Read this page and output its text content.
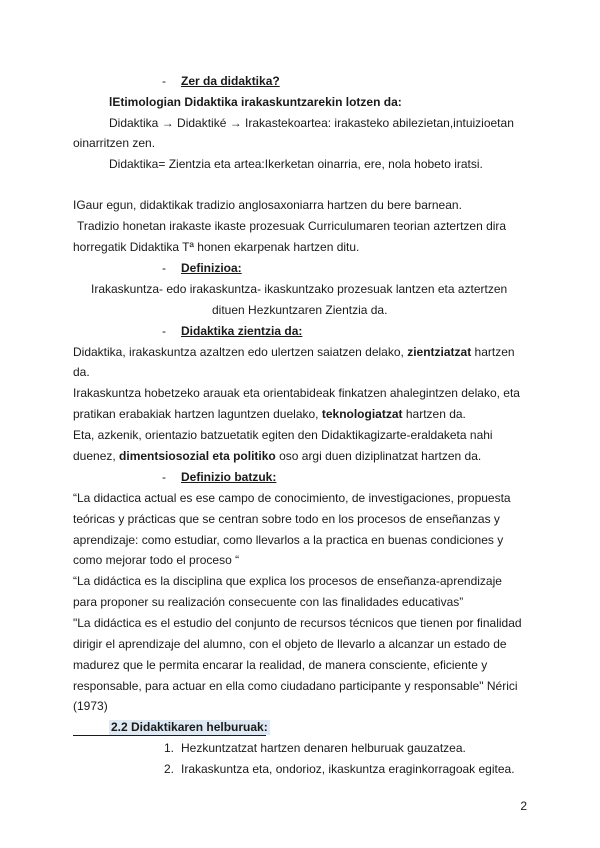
- Zer da didaktika?
lEtimologian Didaktika irakaskuntzarekin lotzen da:
Didaktika → Didaktiké → Irakastekoartea: irakasteko abilezietan,intuizioetan
oinarritzen zen.
Didaktika= Zientzia eta artea:Ikerketan oinarria, ere, nola hobeto iratsi.
IGaur egun, didaktikak tradizio anglosaxoniarra hartzen du bere barnean.
Tradizio honetan irakaste ikaste prozesuak Curriculumaren teorian aztertzen dira
horregatik Didaktika Tª honen ekarpenak hartzen ditu.
- Definizioa:
Irakaskuntza- edo irakaskuntza- ikaskuntzako prozesuak lantzen eta aztertzen
dituen Hezkuntzaren Zientzia da.
- Didaktika zientzia da:
Didaktika, irakaskuntza azaltzen edo ulertzen saiatzen delako, zientziatzat hartzen
da.
Irakaskuntza hobetzeko arauak eta orientabideak finkatzen ahalegintzen delako, eta
pratikan erabakiak hartzen laguntzen duelako, teknologiatzat hartzen da.
Eta, azkenik, orientazio batzuetatik egiten den Didaktikagizarte-eraldaketa nahi
duenez, dimentsiosozial eta politiko oso argi duen diziplinatzat hartzen da.
- Definizio batzuk:
“La didactica actual es ese campo de conocimiento, de investigaciones, propuesta
teóricas y prácticas que se centran sobre todo en los procesos de enseñanzas y
aprendizaje: como estudiar, como llevarlos a la practica en buenas condiciones y
como mejorar todo el proceso “
“La didáctica es la disciplina que explica los procesos de enseñanza-aprendizaje
para proponer su realización consecuente con las finalidades educativas”
"La didáctica es el estudio del conjunto de recursos técnicos que tienen por finalidad
dirigir el aprendizaje del alumno, con el objeto de llevarlo a alcanzar un estado de
madurez que le permita encarar la realidad, de manera consciente, eficiente y
responsable, para actuar en ella como ciudadano participante y responsable" Nérici
(1973)
2.2 Didaktikaren helburuak:
1. Hezkuntzatzat hartzen denaren helburuak gauzatzea.
2. Irakaskuntza eta, ondorioz, ikaskuntza eraginkorragoak egitea.
2
